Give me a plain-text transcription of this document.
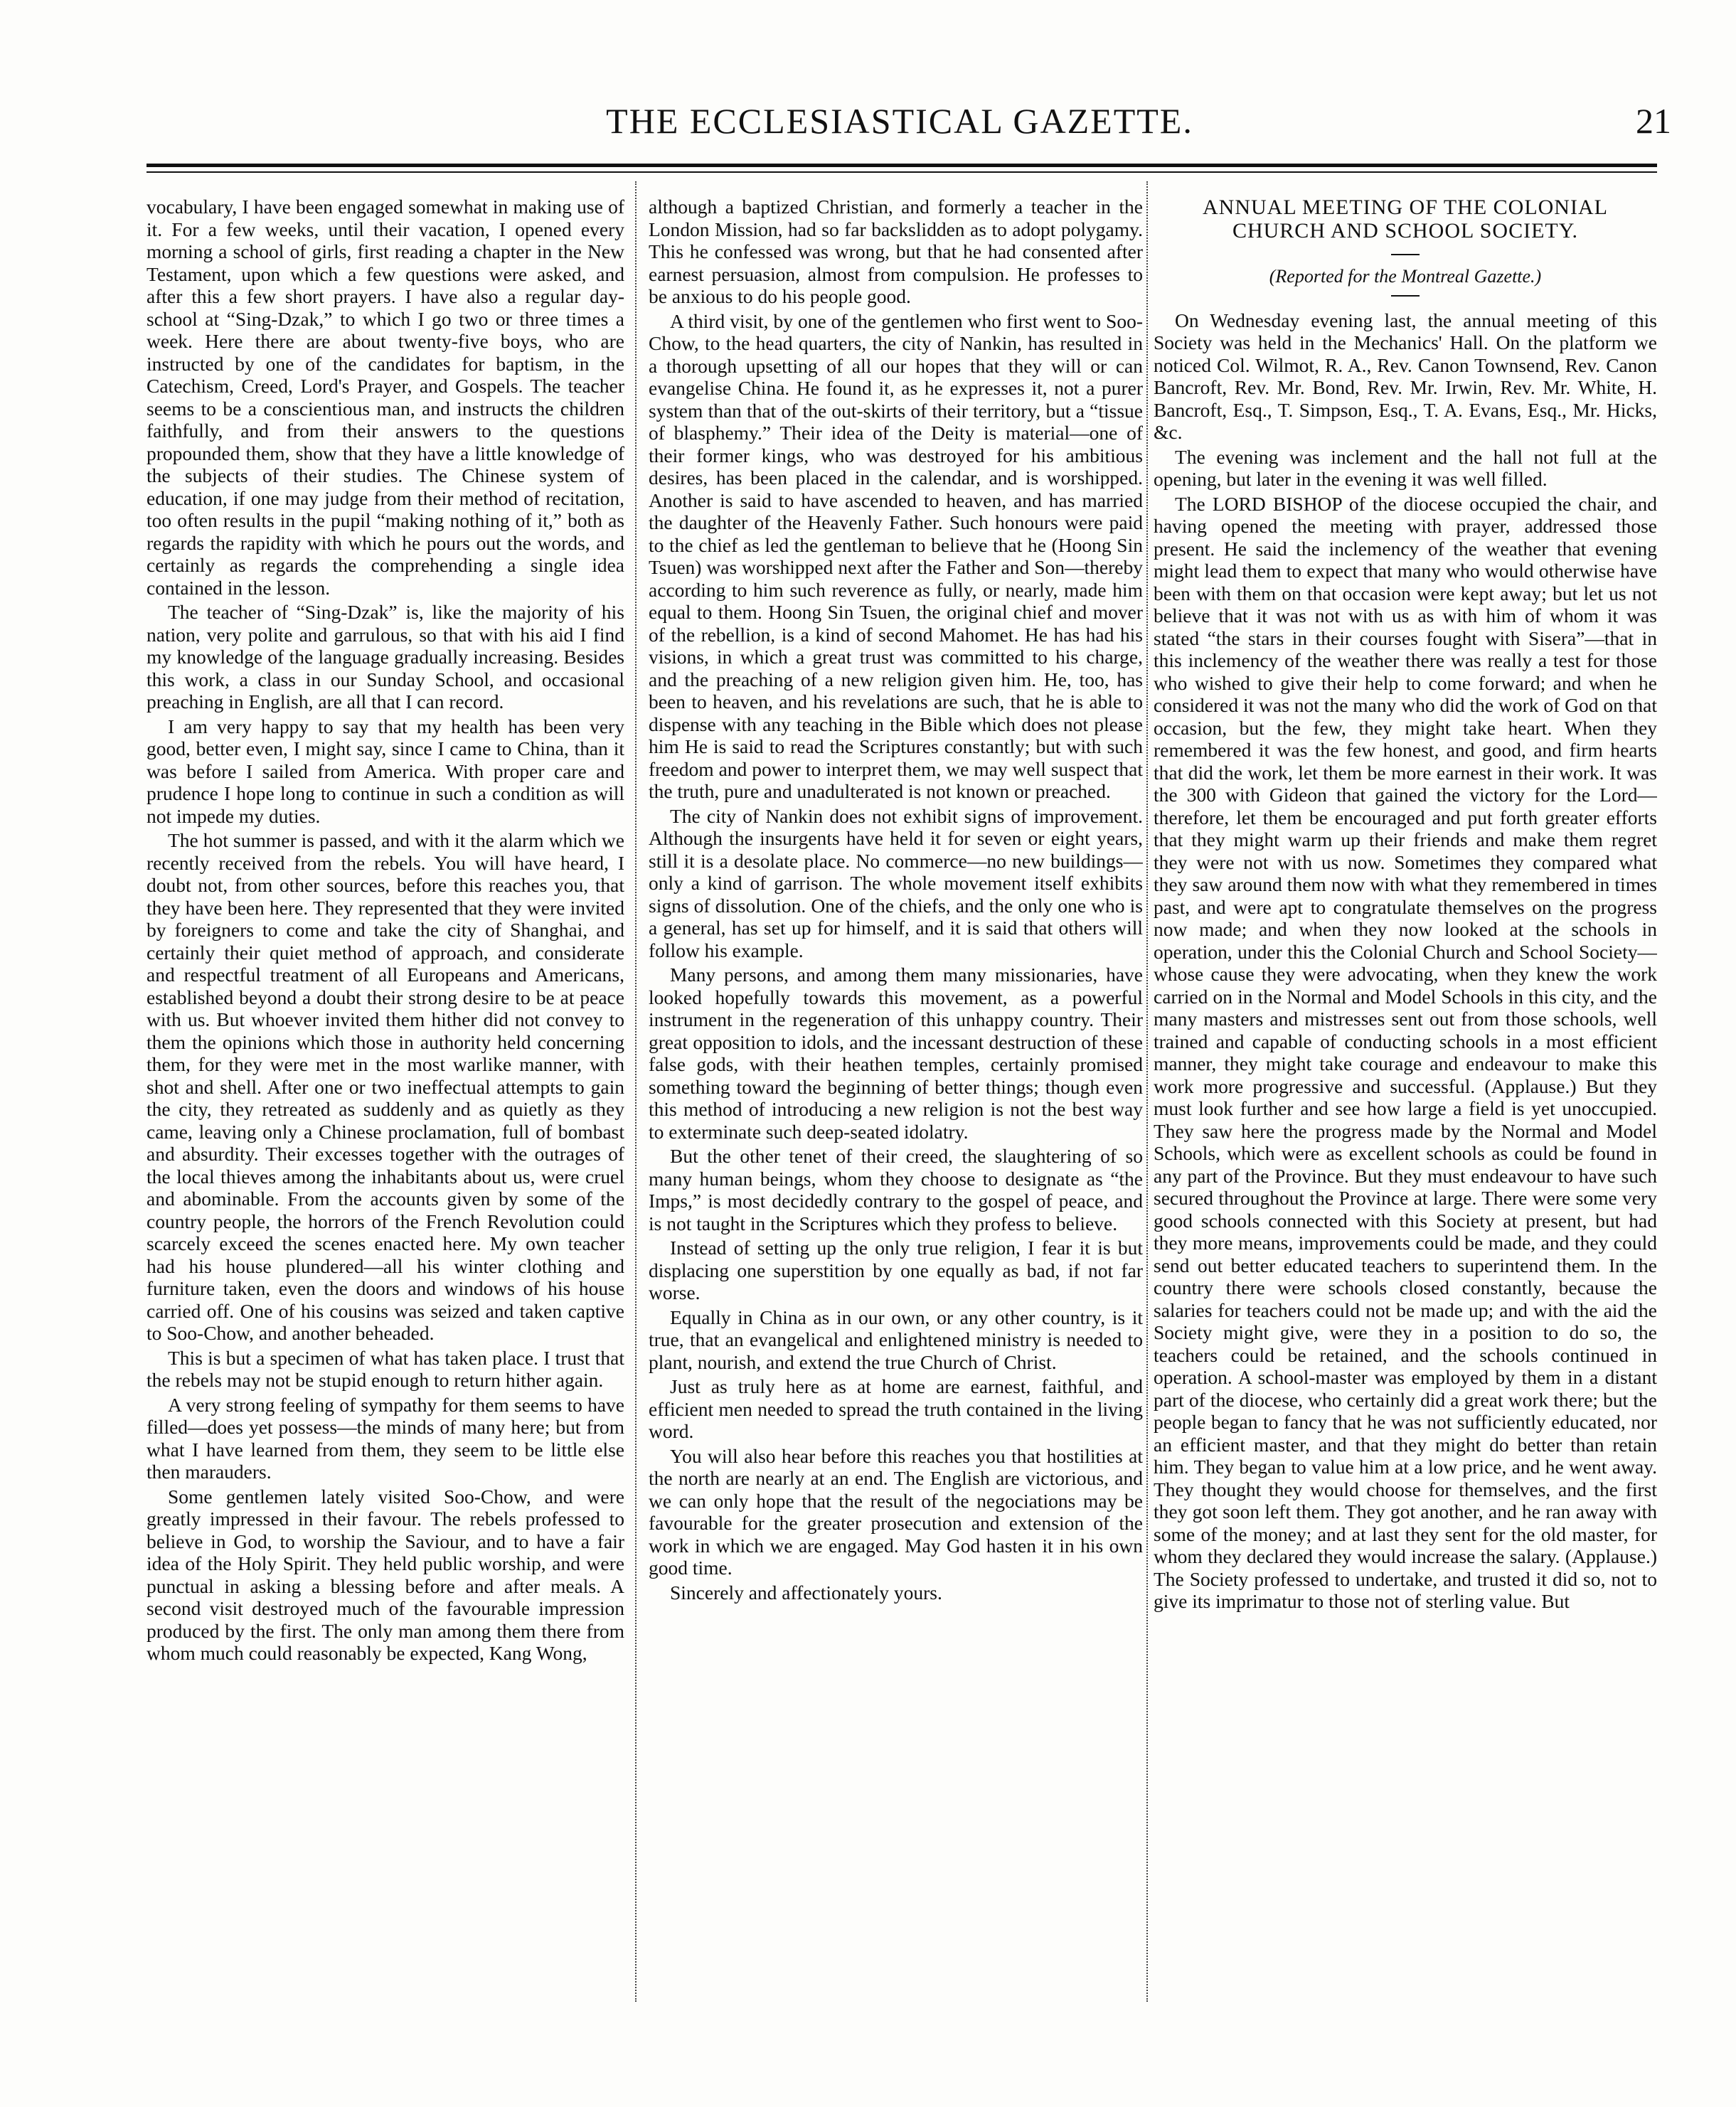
THE ECCLESIASTICAL GAZETTE.	21

vocabulary, I have been engaged somewhat in making use of it. For a few weeks, until their vacation, I opened every morning a school of girls, first reading a chapter in the New Testament, upon which a few questions were asked, and after this a few short prayers. I have also a regular day-school at “Sing-Dzak,” to which I go two or three times a week. Here there are about twenty-five boys, who are instructed by one of the candidates for baptism, in the Catechism, Creed, Lord's Prayer, and Gospels. The teacher seems to be a conscientious man, and instructs the children faithfully, and from their answers to the questions propounded them, show that they have a little knowledge of the subjects of their studies. The Chinese system of education, if one may judge from their method of recitation, too often results in the pupil “making nothing of it,” both as regards the rapidity with which he pours out the words, and certainly as regards the comprehending a single idea contained in the lesson.

The teacher of “Sing-Dzak” is, like the majority of his nation, very polite and garrulous, so that with his aid I find my knowledge of the language gradually increasing. Besides this work, a class in our Sunday School, and occasional preaching in English, are all that I can record.

I am very happy to say that my health has been very good, better even, I might say, since I came to China, than it was before I sailed from America. With proper care and prudence I hope long to continue in such a condition as will not impede my duties.

The hot summer is passed, and with it the alarm which we recently received from the rebels. You will have heard, I doubt not, from other sources, before this reaches you, that they have been here. They represented that they were invited by foreigners to come and take the city of Shanghai, and certainly their quiet method of approach, and considerate and respectful treatment of all Europeans and Americans, established beyond a doubt their strong desire to be at peace with us. But whoever invited them hither did not convey to them the opinions which those in authority held concerning them, for they were met in the most warlike manner, with shot and shell. After one or two ineffectual attempts to gain the city, they retreated as suddenly and as quietly as they came, leaving only a Chinese proclamation, full of bombast and absurdity. Their excesses together with the outrages of the local thieves among the inhabitants about us, were cruel and abominable. From the accounts given by some of the country people, the horrors of the French Revolution could scarcely exceed the scenes enacted here. My own teacher had his house plundered—all his winter clothing and furniture taken, even the doors and windows of his house carried off. One of his cousins was seized and taken captive to Soo-Chow, and another beheaded.

This is but a specimen of what has taken place. I trust that the rebels may not be stupid enough to return hither again.

A very strong feeling of sympathy for them seems to have filled—does yet possess—the minds of many here; but from what I have learned from them, they seem to be little else then marauders.

Some gentlemen lately visited Soo-Chow, and were greatly impressed in their favour. The rebels professed to believe in God, to worship the Saviour, and to have a fair idea of the Holy Spirit. They held public worship, and were punctual in asking a blessing before and after meals. A second visit destroyed much of the favourable impression produced by the first. The only man among them there from whom much could reasonably be expected, Kang Wong,

although a baptized Christian, and formerly a teacher in the London Mission, had so far backslidden as to adopt polygamy. This he confessed was wrong, but that he had consented after earnest persuasion, almost from compulsion. He professes to be anxious to do his people good.

A third visit, by one of the gentlemen who first went to Soo-Chow, to the head quarters, the city of Nankin, has resulted in a thorough upsetting of all our hopes that they will or can evangelise China. He found it, as he expresses it, not a purer system than that of the out-skirts of their territory, but a “tissue of blasphemy.” Their idea of the Deity is material—one of their former kings, who was destroyed for his ambitious desires, has been placed in the calendar, and is worshipped. Another is said to have ascended to heaven, and has married the daughter of the Heavenly Father. Such honours were paid to the chief as led the gentleman to believe that he (Hoong Sin Tsuen) was worshipped next after the Father and Son—thereby according to him such reverence as fully, or nearly, made him equal to them. Hoong Sin Tsuen, the original chief and mover of the rebellion, is a kind of second Mahomet. He has had his visions, in which a great trust was committed to his charge, and the preaching of a new religion given him. He, too, has been to heaven, and his revelations are such, that he is able to dispense with any teaching in the Bible which does not please him He is said to read the Scriptures constantly; but with such freedom and power to interpret them, we may well suspect that the truth, pure and unadulterated is not known or preached.

The city of Nankin does not exhibit signs of improvement. Although the insurgents have held it for seven or eight years, still it is a desolate place. No commerce—no new buildings—only a kind of garrison. The whole movement itself exhibits signs of dissolution. One of the chiefs, and the only one who is a general, has set up for himself, and it is said that others will follow his example.

Many persons, and among them many missionaries, have looked hopefully towards this movement, as a powerful instrument in the regeneration of this unhappy country. Their great opposition to idols, and the incessant destruction of these false gods, with their heathen temples, certainly promised something toward the beginning of better things; though even this method of introducing a new religion is not the best way to exterminate such deep-seated idolatry.

But the other tenet of their creed, the slaughtering of so many human beings, whom they choose to designate as “the Imps,” is most decidedly contrary to the gospel of peace, and is not taught in the Scriptures which they profess to believe.

Instead of setting up the only true religion, I fear it is but displacing one superstition by one equally as bad, if not far worse.

Equally in China as in our own, or any other country, is it true, that an evangelical and enlightened ministry is needed to plant, nourish, and extend the true Church of Christ.

Just as truly here as at home are earnest, faithful, and efficient men needed to spread the truth contained in the living word.

You will also hear before this reaches you that hostilities at the north are nearly at an end. The English are victorious, and we can only hope that the result of the negociations may be favourable for the greater prosecution and extension of the work in which we are engaged. May God hasten it in his own good time.

Sincerely and affectionately yours.

ANNUAL MEETING OF THE COLONIAL CHURCH AND SCHOOL SOCIETY.
(Reported for the Montreal Gazette.)

On Wednesday evening last, the annual meeting of this Society was held in the Mechanics' Hall. On the platform we noticed Col. Wilmot, R. A., Rev. Canon Townsend, Rev. Canon Bancroft, Rev. Mr. Bond, Rev. Mr. Irwin, Rev. Mr. White, H. Bancroft, Esq., T. Simpson, Esq., T. A. Evans, Esq., Mr. Hicks, &c.

The evening was inclement and the hall not full at the opening, but later in the evening it was well filled.

The LORD BISHOP of the diocese occupied the chair, and having opened the meeting with prayer, addressed those present. He said the inclemency of the weather that evening might lead them to expect that many who would otherwise have been with them on that occasion were kept away; but let us not believe that it was not with us as with him of whom it was stated “the stars in their courses fought with Sisera”—that in this inclemency of the weather there was really a test for those who wished to give their help to come forward; and when he considered it was not the many who did the work of God on that occasion, but the few, they might take heart. When they remembered it was the few honest, and good, and firm hearts that did the work, let them be more earnest in their work. It was the 300 with Gideon that gained the victory for the Lord—therefore, let them be encouraged and put forth greater efforts that they might warm up their friends and make them regret they were not with us now. Sometimes they compared what they saw around them now with what they remembered in times past, and were apt to congratulate themselves on the progress now made; and when they now looked at the schools in operation, under this the Colonial Church and School Society—whose cause they were advocating, when they knew the work carried on in the Normal and Model Schools in this city, and the many masters and mistresses sent out from those schools, well trained and capable of conducting schools in a most efficient manner, they might take courage and endeavour to make this work more progressive and successful. (Applause.) But they must look further and see how large a field is yet unoccupied. They saw here the progress made by the Normal and Model Schools, which were as excellent schools as could be found in any part of the Province. But they must endeavour to have such secured throughout the Province at large. There were some very good schools connected with this Society at present, but had they more means, improvements could be made, and they could send out better educated teachers to superintend them. In the country there were schools closed constantly, because the salaries for teachers could not be made up; and with the aid the Society might give, were they in a position to do so, the teachers could be retained, and the schools continued in operation. A school-master was employed by them in a distant part of the diocese, who certainly did a great work there; but the people began to fancy that he was not sufficiently educated, nor an efficient master, and that they might do better than retain him. They began to value him at a low price, and he went away. They thought they would choose for themselves, and the first they got soon left them. They got another, and he ran away with some of the money; and at last they sent for the old master, for whom they declared they would increase the salary. (Applause.) The Society professed to undertake, and trusted it did so, not to give its imprimatur to those not of sterling value. But
